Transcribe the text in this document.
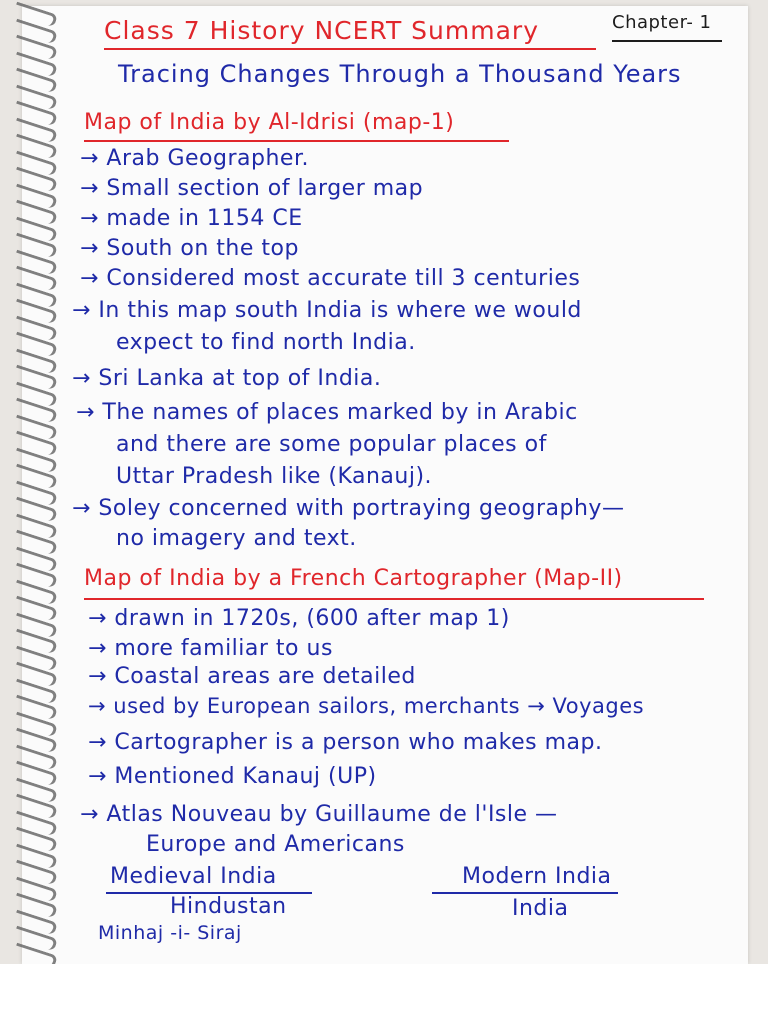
Class 7 History NCERT Summary	Chapter- 1
Tracing Changes Through a Thousand Years
Map of India by Al-Idrisi (map-1)
→ Arab Geographer.
→ Small section of larger map
→ made in 1154 CE
→ South on the top
→ Considered most accurate till 3 centuries
→ In this map south India is where we would
expect to find north India.
→ Sri Lanka at top of India.
→ The names of places marked by in Arabic
and there are some popular places of
Uttar Pradesh like (Kanauj).
→ Soley concerned with portraying geography—
no imagery and text.
Map of India by a French Cartographer (Map-II)
→ drawn in 1720s, (600 after map 1)
→ more familiar to us
→ Coastal areas are detailed
→ used by European sailors, merchants → Voyages
→ Cartographer is a person who makes map.
→ Mentioned Kanauj (UP)
→ Atlas Nouveau by Guillaume de l'Isle —
Europe and Americans
Medieval India
Hindustan
Modern India
India
Minhaj -i- Siraj
